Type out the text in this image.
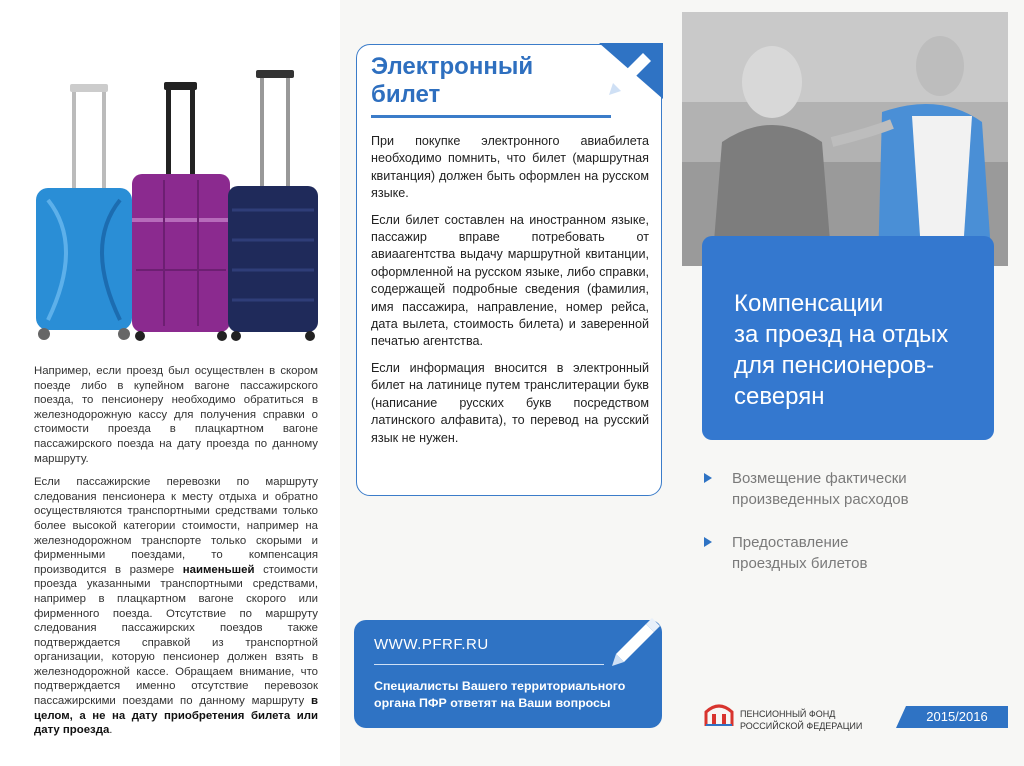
Например, если проезд был осуществлен в скором поезде либо в купейном вагоне пассажирского поезда, то пенсионеру необходимо обратиться в железнодорожную кассу для получения справки о стоимости проезда в плацкартном вагоне пассажирского поезда на дату проезда по данному маршруту.

Если пассажирские перевозки по маршруту следования пенсионера к месту отдыха и обратно осуществляются транспортными средствами только более высокой категории стоимости, например на железнодорожном транспорте только скорыми и фирменными поездами, то компенсация производится в размере наименьшей стоимости проезда указанными транспортными средствами, например в плацкартном вагоне скорого или фирменного поезда. Отсутствие по маршруту следования пассажирских поездов также подтверждается справкой из транспортной организации, которую пенсионер должен взять в железнодорожной кассе. Обращаем внимание, что подтверждается именно отсутствие перевозок пассажирскими поездами по данному маршруту в целом, а не на дату приобретения билета или дату проезда.

Электронный
билет

При покупке электронного авиабилета необходимо помнить, что билет (маршрутная квитанция) должен быть оформлен на русском языке.

Если билет составлен на иностранном языке, пассажир вправе потребовать от авиаагентства выдачу маршрутной квитанции, оформленной на русском языке, либо справки, содержащей подробные сведения (фамилия, имя пассажира, направление, номер рейса, дата вылета, стоимость билета) и заверенной печатью агентства.

Если информация вносится в электронный билет на латинице путем транслитерации букв (написание русских букв посредством латинского алфавита), то перевод на русский язык не нужен.

WWW.PFRF.RU
Специалисты Вашего территориального органа ПФР ответят на Ваши вопросы
Компенсации
за проезд на отдых
для пенсионеров-
северян
Возмещение фактически
произведенных расходов
Предоставление
проездных билетов
ПЕНСИОННЫЙ ФОНД
РОССИЙСКОЙ ФЕДЕРАЦИИ
2015/2016
